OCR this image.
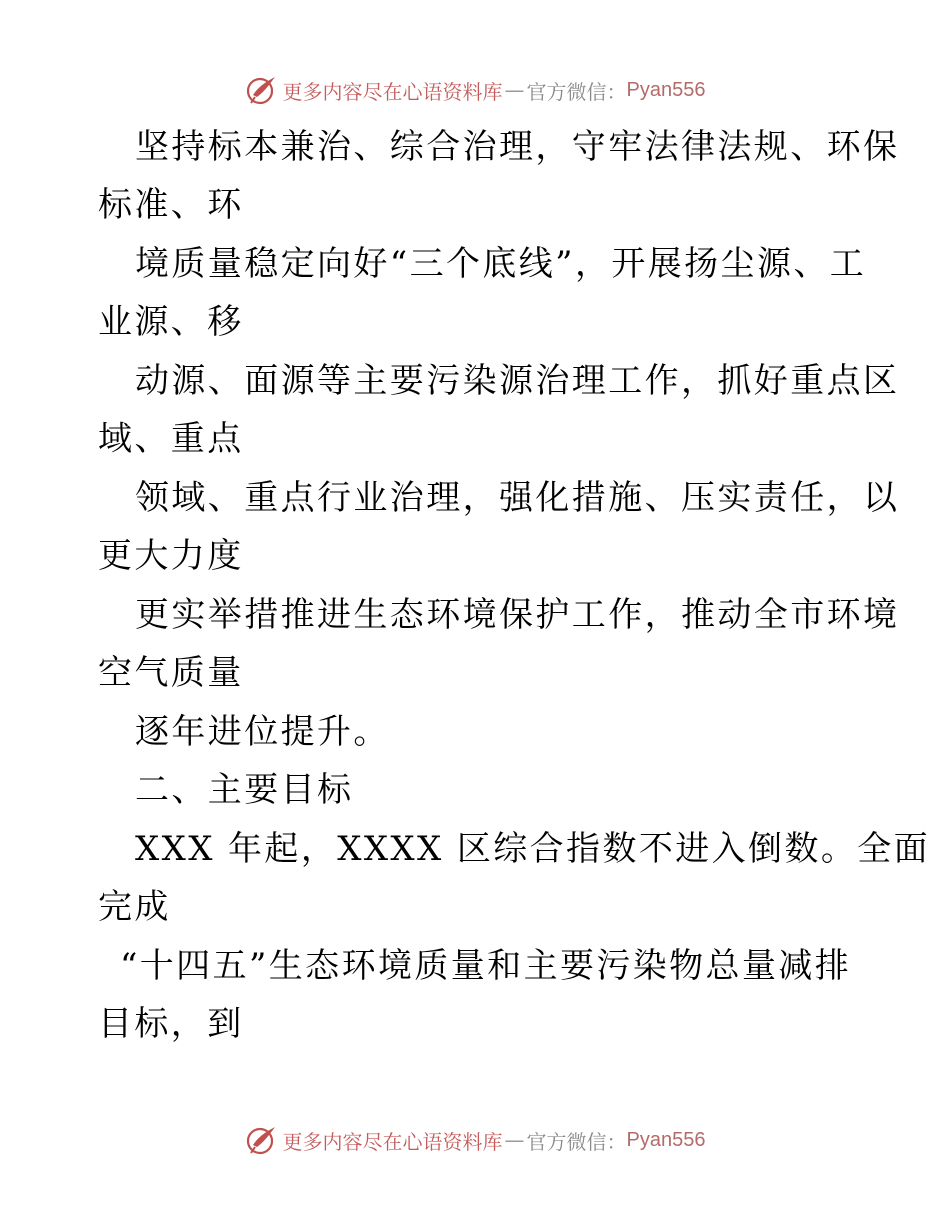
更多内容尽在心语资料库 — 官方微信： Pyan556
坚持标本兼治、综合治理，守牢法律法规、环保
标准、环
境质量稳定向好“三个底线”，开展扬尘源、工
业源、移
动源、面源等主要污染源治理工作，抓好重点区
域、重点
领域、重点行业治理，强化措施、压实责任，以
更大力度
更实举措推进生态环境保护工作，推动全市环境
空气质量
逐年进位提升。
二、主要目标
XXX 年起，XXXX 区综合指数不进入倒数。全面
完成
“十四五”生态环境质量和主要污染物总量减排
目标，到
更多内容尽在心语资料库 — 官方微信： Pyan556
